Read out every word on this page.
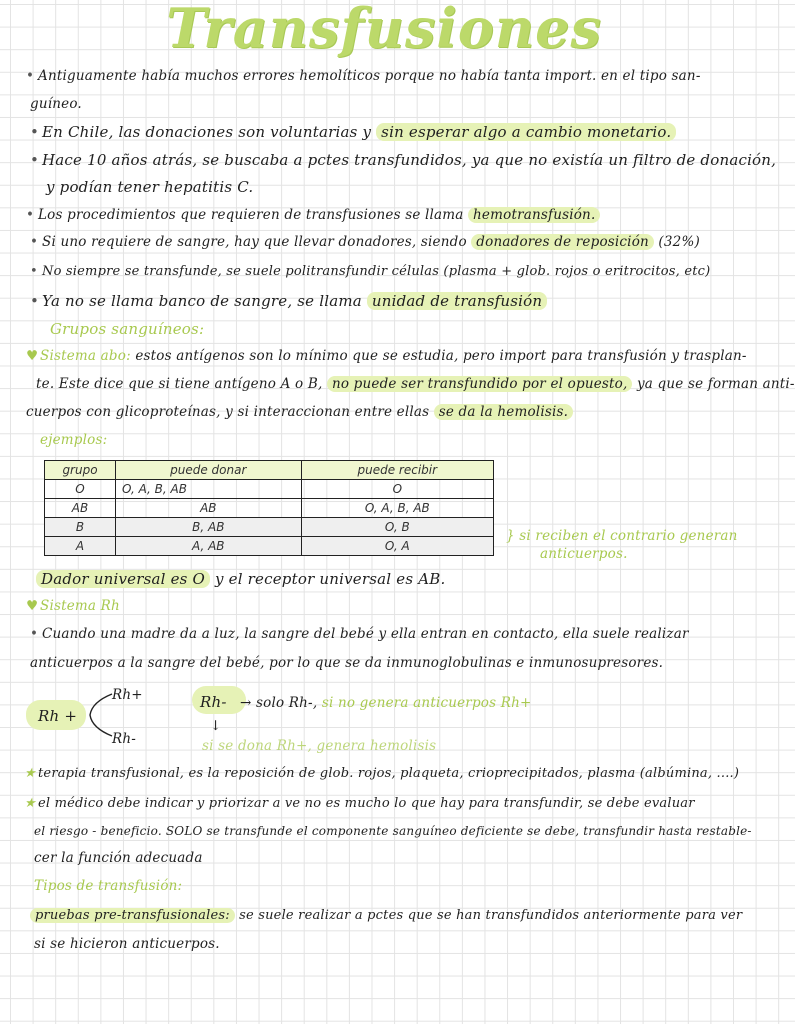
Transfusiones
• Antiguamente había muchos errores hemolíticos porque no había tanta import. en el tipo san-
guíneo.
• En Chile, las donaciones son voluntarias y sin esperar algo a cambio monetario.
• Hace 10 años atrás, se buscaba a pctes transfundidos, ya que no existía un filtro de donación,
y podían tener hepatitis C.
• Los procedimientos que requieren de transfusiones se llama hemotransfusión.
• Si uno requiere de sangre, hay que llevar donadores, siendo donadores de reposición (32%)
• No siempre se transfunde, se suele politransfundir células (plasma + glob. rojos o eritrocitos, etc)
• Ya no se llama banco de sangre, se llama unidad de transfusión
Grupos sanguíneos:
♥ Sistema abo: estos antígenos son lo mínimo que se estudia, pero import para transfusión y trasplan-
te. Este dice que si tiene antígeno A o B, no puede ser transfundido por el opuesto, ya que se forman anti-
cuerpos con glicoproteínas, y si interaccionan entre ellas se da la hemolisis.
ejemplos:
grupo	puede donar	puede recibir
O	O, A, B, AB	O
AB	AB	O, A, B, AB
B	B, AB	O, B
A	A, AB	O, A
} si reciben el contrario generan
anticuerpos.
Dador universal es O y el receptor universal es AB.
♥ Sistema Rh
• Cuando una madre da a luz, la sangre del bebé y ella entran en contacto, ella suele realizar
anticuerpos a la sangre del bebé, por lo que se da inmunoglobulinas e inmunosupresores.
Rh +
Rh+
Rh-
Rh- → solo Rh-, si no genera anticuerpos Rh+
↓
si se dona Rh+, genera hemolisis
★ terapia transfusional, es la reposición de glob. rojos, plaqueta, crioprecipitados, plasma (albúmina, ....)
★ el médico debe indicar y priorizar a ve no es mucho lo que hay para transfundir, se debe evaluar
el riesgo - beneficio. SOLO se transfunde el componente sanguíneo deficiente se debe, transfundir hasta restable-
cer la función adecuada
Tipos de transfusión:
pruebas pre-transfusionales: se suele realizar a pctes que se han transfundidos anteriormente para ver
si se hicieron anticuerpos.
